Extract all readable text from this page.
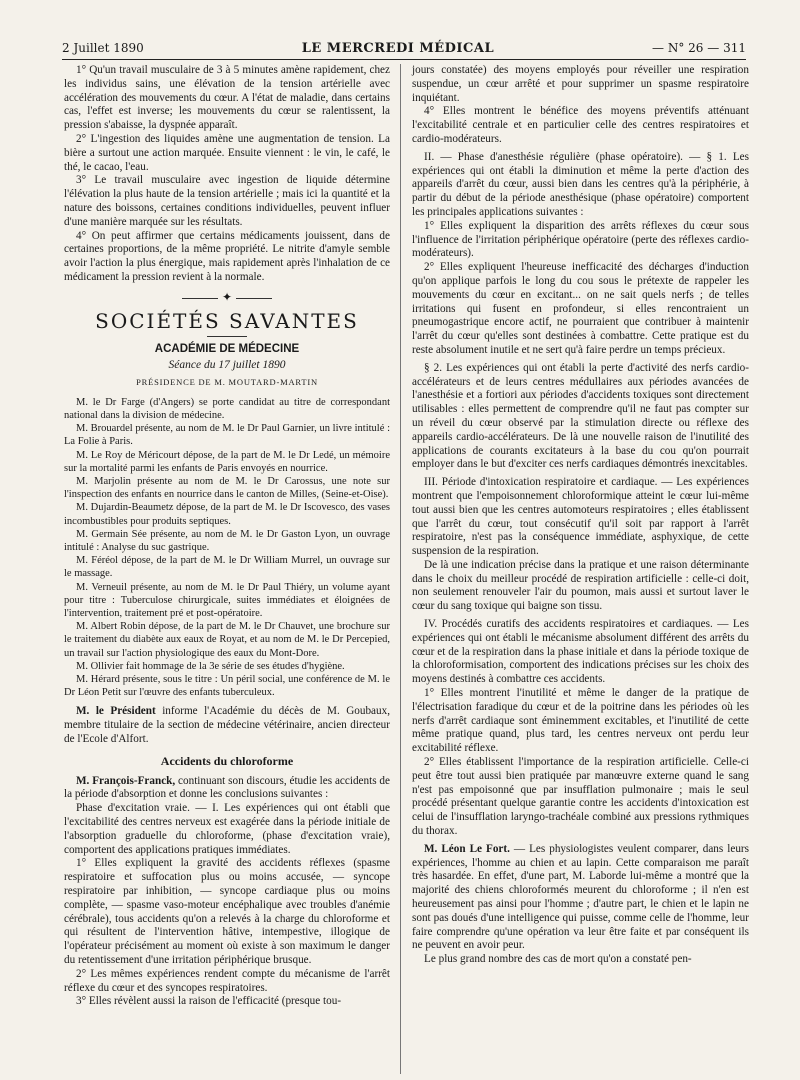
2 Juillet 1890	LE MERCREDI MÉDICAL	— N° 26 — 311

1° Qu'un travail musculaire de 3 à 5 minutes amène rapidement, chez les individus sains, une élévation de la tension artérielle avec accélération des mouvements du cœur. A l'état de maladie, dans certains cas, l'effet est inverse; les mouvements du cœur se ralentissent, la pression s'abaisse, la dyspnée apparaît.

2° L'ingestion des liquides amène une augmentation de tension. La bière a surtout une action marquée. Ensuite viennent : le vin, le café, le thé, le cacao, l'eau.

3° Le travail musculaire avec ingestion de liquide détermine l'élévation la plus haute de la tension artérielle ; mais ici la quantité et la nature des boissons, certaines conditions individuelles, peuvent influer d'une manière marquée sur les résultats.

4° On peut affirmer que certains médicaments jouissent, dans de certaines proportions, de la même propriété. Le nitrite d'amyle semble avoir l'action la plus énergique, mais rapidement après l'inhalation de ce médicament la pression revient à la normale.

✦
SOCIÉTÉS SAVANTES
ACADÉMIE DE MÉDECINE
Séance du 17 juillet 1890
PRÉSIDENCE DE M. MOUTARD-MARTIN

M. le Dr Farge (d'Angers) se porte candidat au titre de correspondant national dans la division de médecine.

M. Brouardel présente, au nom de M. le Dr Paul Garnier, un livre intitulé : La Folie à Paris.

M. Le Roy de Méricourt dépose, de la part de M. le Dr Ledé, un mémoire sur la mortalité parmi les enfants de Paris envoyés en nourrice.

M. Marjolin présente au nom de M. le Dr Carossus, une note sur l'inspection des enfants en nourrice dans le canton de Milles, (Seine-et-Oise).

M. Dujardin-Beaumetz dépose, de la part de M. le Dr Iscovesco, des vases incombustibles pour produits septiques.

M. Germain Sée présente, au nom de M. le Dr Gaston Lyon, un ouvrage intitulé : Analyse du suc gastrique.

M. Féréol dépose, de la part de M. le Dr William Murrel, un ouvrage sur le massage.

M. Verneuil présente, au nom de M. le Dr Paul Thiéry, un volume ayant pour titre : Tuberculose chirurgicale, suites immédiates et éloignées de l'intervention, traitement pré et post-opératoire.

M. Albert Robin dépose, de la part de M. le Dr Chauvet, une brochure sur le traitement du diabète aux eaux de Royat, et au nom de M. le Dr Percepied, un travail sur l'action physiologique des eaux du Mont-Dore.

M. Ollivier fait hommage de la 3e série de ses études d'hygiène.

M. Hérard présente, sous le titre : Un péril social, une conférence de M. le Dr Léon Petit sur l'œuvre des enfants tuberculeux.

M. le Président informe l'Académie du décès de M. Goubaux, membre titulaire de la section de médecine vétérinaire, ancien directeur de l'Ecole d'Alfort.

Accidents du chloroforme

M. François-Franck, continuant son discours, étudie les accidents de la période d'absorption et donne les conclusions suivantes :

Phase d'excitation vraie. — I. Les expériences qui ont établi que l'excitabilité des centres nerveux est exagérée dans la période initiale de l'absorption graduelle du chloroforme, (phase d'excitation vraie), comportent des applications pratiques immédiates.

1° Elles expliquent la gravité des accidents réflexes (spasme respiratoire et suffocation plus ou moins accusée, — syncope respiratoire par inhibition, — syncope cardiaque plus ou moins complète, — spasme vaso-moteur encéphalique avec troubles d'anémie cérébrale), tous accidents qu'on a relevés à la charge du chloroforme et qui résultent de l'intervention hâtive, intempestive, illogique de l'opérateur précisément au moment où existe à son maximum le danger du retentissement d'une irritation périphérique brusque.

2° Les mêmes expériences rendent compte du mécanisme de l'arrêt réflexe du cœur et des syncopes respiratoires.

3° Elles révèlent aussi la raison de l'efficacité (presque tou-

jours constatée) des moyens employés pour réveiller une respiration suspendue, un cœur arrêté et pour supprimer un spasme respiratoire inquiétant.

4° Elles montrent le bénéfice des moyens préventifs atténuant l'excitabilité centrale et en particulier celle des centres respiratoires et cardio-modérateurs.

II. — Phase d'anesthésie régulière (phase opératoire). — § 1. Les expériences qui ont établi la diminution et même la perte d'action des appareils d'arrêt du cœur, aussi bien dans les centres qu'à la périphérie, à partir du début de la période anesthésique (phase opératoire) comportent les principales applications suivantes :

1° Elles expliquent la disparition des arrêts réflexes du cœur sous l'influence de l'irritation périphérique opératoire (perte des réflexes cardio-modérateurs).

2° Elles expliquent l'heureuse inefficacité des décharges d'induction qu'on applique parfois le long du cou sous le prétexte de rappeler les mouvements du cœur en excitant... on ne sait quels nerfs ; de telles irritations qui fusent en profondeur, si elles rencontraient un pneumogastrique encore actif, ne pourraient que contribuer à maintenir l'arrêt du cœur qu'elles sont destinées à combattre. Cette pratique est du reste absolument inutile et ne sert qu'à faire perdre un temps précieux.

§ 2. Les expériences qui ont établi la perte d'activité des nerfs cardio-accélérateurs et de leurs centres médullaires aux périodes avancées de l'anesthésie et a fortiori aux périodes d'accidents toxiques sont directement utilisables : elles permettent de comprendre qu'il ne faut pas compter sur un réveil du cœur observé par la stimulation directe ou réflexe des appareils cardio-accélérateurs. De là une nouvelle raison de l'inutilité des applications de courants excitateurs à la base du cou qu'on pourrait employer dans le but d'exciter ces nerfs cardiaques démontrés inexcitables.

III. Période d'intoxication respiratoire et cardiaque. — Les expériences montrent que l'empoisonnement chloroformique atteint le cœur lui-même tout aussi bien que les centres automoteurs respiratoires ; elles établissent que l'arrêt du cœur, tout consécutif qu'il soit par rapport à l'arrêt respiratoire, n'est pas la conséquence immédiate, asphyxique, de cette suspension de la respiration.

De là une indication précise dans la pratique et une raison déterminante dans le choix du meilleur procédé de respiration artificielle : celle-ci doit, non seulement renouveler l'air du poumon, mais aussi et surtout laver le cœur du sang toxique qui baigne son tissu.

IV. Procédés curatifs des accidents respiratoires et cardiaques. — Les expériences qui ont établi le mécanisme absolument différent des arrêts du cœur et de la respiration dans la phase initiale et dans la période toxique de la chloroformisation, comportent des indications précises sur les choix des moyens destinés à combattre ces accidents.

1° Elles montrent l'inutilité et même le danger de la pratique de l'électrisation faradique du cœur et de la poitrine dans les périodes où les nerfs d'arrêt cardiaque sont éminemment excitables, et l'inutilité de cette même pratique quand, plus tard, les centres nerveux ont perdu leur excitabilité réflexe.

2° Elles établissent l'importance de la respiration artificielle. Celle-ci peut être tout aussi bien pratiquée par manœuvre externe quand le sang n'est pas empoisonné que par insufflation pulmonaire ; mais le seul procédé présentant quelque garantie contre les accidents d'intoxication est celui de l'insufflation laryngo-trachéale combiné aux pressions rythmiques du thorax.

M. Léon Le Fort. — Les physiologistes veulent comparer, dans leurs expériences, l'homme au chien et au lapin. Cette comparaison me paraît très hasardée. En effet, d'une part, M. Laborde lui-même a montré que la majorité des chiens chloroformés meurent du chloroforme ; il n'en est heureusement pas ainsi pour l'homme ; d'autre part, le chien et le lapin ne sont pas doués d'une intelligence qui puisse, comme celle de l'homme, leur faire comprendre qu'une opération va leur être faite et par conséquent ils ne peuvent en avoir peur.

Le plus grand nombre des cas de mort qu'on a constaté pen-
